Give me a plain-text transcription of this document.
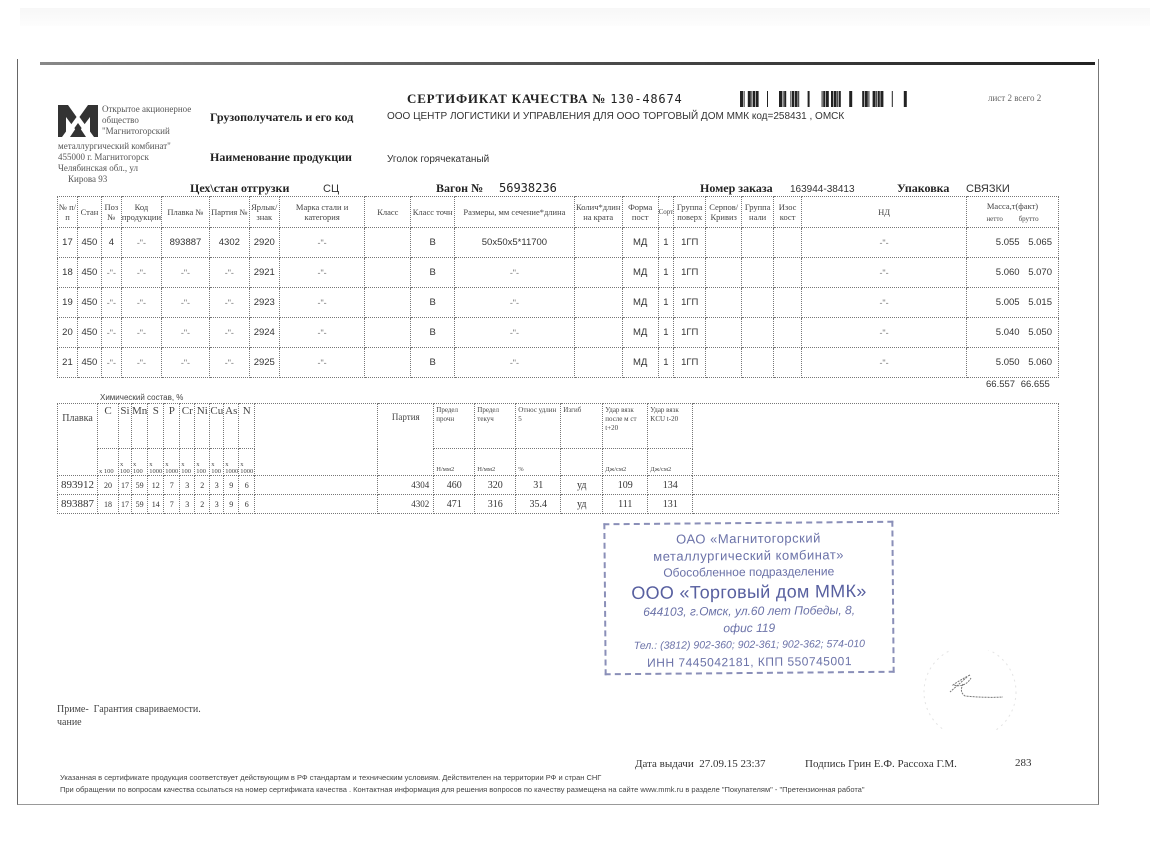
Открытое акционерное
общество
"Магнитогорский
металлургический комбинат"
455000 г. Магнитогорск
Челябинская обл., ул
Кирова 93
СЕРТИФИКАТ КАЧЕСТВА № 130-48674	лист 2 всего 2
Грузополучатель и его код	ООО ЦЕНТР ЛОГИСТИКИ И УПРАВЛЕНИЯ ДЛЯ ООО ТОРГОВЫЙ ДОМ ММК код=258431 , ОМСК
Наименование продукции	Уголок горячекатаный
Цех\стан отгрузки	СЦ	Вагон № 56938236	Номер заказа 163944-38413	Упаковка СВЯЗКИ
№ п/п	Стан	Поз №	Код продукции	Плавка №	Партия №	Ярлык/знак	Марка стали и категория	Класс	Класс точн	Размеры, мм сечение*длина	Колич*длин на крата	Форма пост	Сорт	Группа поверх	Серпов/Кривиз	Группа нали	Изос кост	НД	Масса,т(факт)
нетто брутто

17	450	4	-"-	893887	4302	2920	-"-		В	50x50x5*11700		МД	1	1ГП				-"-	5.055 5.065
18	450	-"-	-"-	-"-	-"-	2921	-"-		В	-"-		МД	1	1ГП				-"-	5.060 5.070
19	450	-"-	-"-	-"-	-"-	2923	-"-		В	-"-		МД	1	1ГП				-"-	5.005 5.015
20	450	-"-	-"-	-"-	-"-	2924	-"-		В	-"-		МД	1	1ГП				-"-	5.040 5.050
21	450	-"-	-"-	-"-	-"-	2925	-"-		В	-"-		МД	1	1ГП				-"-	5.050 5.060
66.557 66.655
Химический состав, %
Плавка	C	Si	Mn	S	P	Cr	Ni	Cu	As	N		Партия	Предел прочн	Предел текуч	Относ удлин 5	Изгиб	Удар вязк после м ст t+20	Удар вязк KCU t-20	
	x 100	x 100	x 100	x 1000	x 1000	x 100	x 100	x 100	x 1000	x 1000			Н/мм2	Н/мм2	%		Дж/см2	Дж/см2	
893912	20	17	59	12	7	3	2	3	9	6		4304	460	320	31	уд	109	134	
893887	18	17	59	14	7	3	2	3	9	6		4302	471	316	35.4	уд	111	131	
ОАО «Магнитогорский
металлургический комбинат»
Обособленное подразделение
ООО «Торговый дом ММК»
644103, г.Омск, ул.60 лет Победы, 8,
офис 119
Тел.: (3812) 902-360; 902-361; 902-362; 574-010
ИНН 7445042181, КПП 550745001
Приме- Гарантия свариваемости.
чание
Дата выдачи 27.09.15 23:37	Подпись Грин Е.Ф. Рассоха Г.М.	283
Указанная в сертификате продукция соответствует действующим в РФ стандартам и техническим условиям. Действителен на территории РФ и стран СНГ
При обращении по вопросам качества ссылаться на номер сертификата качества . Контактная информация для решения вопросов по качеству размещена на сайте www.mmk.ru в разделе "Покупателям" - "Претензионная работа"
